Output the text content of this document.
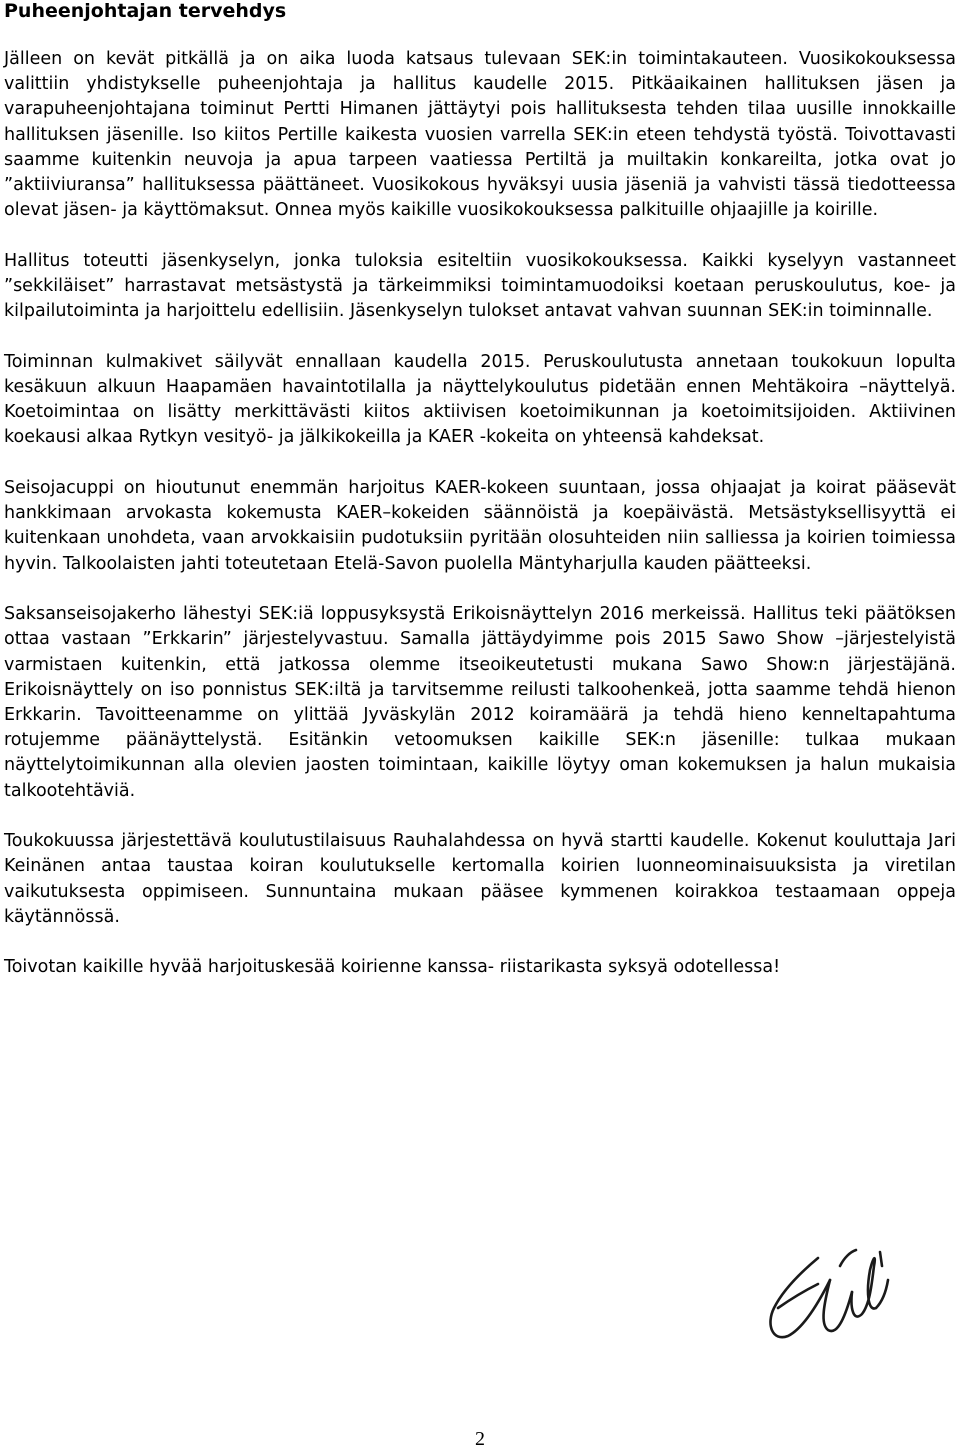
Puheenjohtajan tervehdys

Jälleen on kevät pitkällä ja on aika luoda katsaus tulevaan SEK:in toimintakauteen. Vuosikokouksessa valittiin yhdistykselle puheenjohtaja ja hallitus kaudelle 2015. Pitkäaikainen hallituksen jäsen ja varapuheenjohtajana toiminut Pertti Himanen jättäytyi pois hallituksesta tehden tilaa uusille innokkaille hallituksen jäsenille. Iso kiitos Pertille kaikesta vuosien varrella SEK:in eteen tehdystä työstä. Toivottavasti saamme kuitenkin neuvoja ja apua tarpeen vaatiessa Pertiltä ja muiltakin konkareilta, jotka ovat jo ”aktiiviuransa” hallituksessa päättäneet. Vuosikokous hyväksyi uusia jäseniä ja vahvisti tässä tiedotteessa olevat jäsen- ja käyttömaksut. Onnea myös kaikille vuosikokouksessa palkituille ohjaajille ja koirille.

Hallitus toteutti jäsenkyselyn, jonka tuloksia esiteltiin vuosikokouksessa. Kaikki kyselyyn vastanneet ”sekkiläiset” harrastavat metsästystä ja tärkeimmiksi toimintamuodoiksi koetaan peruskoulutus, koe- ja kilpailutoiminta ja harjoittelu edellisiin. Jäsenkyselyn tulokset antavat vahvan suunnan SEK:in toiminnalle.

Toiminnan kulmakivet säilyvät ennallaan kaudella 2015. Peruskoulutusta annetaan toukokuun lopulta kesäkuun alkuun Haapamäen havaintotilalla ja näyttelykoulutus pidetään ennen Mehtäkoira –näyttelyä. Koetoimintaa on lisätty merkittävästi kiitos aktiivisen koetoimikunnan ja koetoimitsijoiden. Aktiivinen koekausi alkaa Rytkyn vesityö- ja jälkikokeilla ja KAER -kokeita on yhteensä kahdeksat.

Seisojacuppi on hioutunut enemmän harjoitus KAER-kokeen suuntaan, jossa ohjaajat ja koirat pääsevät hankkimaan arvokasta kokemusta KAER–kokeiden säännöistä ja koepäivästä. Metsästyksellisyyttä ei kuitenkaan unohdeta, vaan arvokkaisiin pudotuksiin pyritään olosuhteiden niin salliessa ja koirien toimiessa hyvin. Talkoolaisten jahti toteutetaan Etelä-Savon puolella Mäntyharjulla kauden päätteeksi.

Saksanseisojakerho lähestyi SEK:iä loppusyksystä Erikoisnäyttelyn 2016 merkeissä. Hallitus teki päätöksen ottaa vastaan ”Erkkarin” järjestelyvastuu. Samalla jättäydyimme pois 2015 Sawo Show –järjestelyistä varmistaen kuitenkin, että jatkossa olemme itseoikeutetusti mukana Sawo Show:n järjestäjänä. Erikoisnäyttely on iso ponnistus SEK:iltä ja tarvitsemme reilusti talkoohenkeä, jotta saamme tehdä hienon Erkkarin. Tavoitteenamme on ylittää Jyväskylän 2012 koiramäärä ja tehdä hieno kenneltapahtuma rotujemme päänäyttelystä. Esitänkin vetoomuksen kaikille SEK:n jäsenille: tulkaa mukaan näyttelytoimikunnan alla olevien jaosten toimintaan, kaikille löytyy oman kokemuksen ja halun mukaisia talkootehtäviä.

Toukokuussa järjestettävä koulutustilaisuus Rauhalahdessa on hyvä startti kaudelle. Kokenut kouluttaja Jari Keinänen antaa taustaa koiran koulutukselle kertomalla koirien luonneominaisuuksista ja viretilan vaikutuksesta oppimiseen. Sunnuntaina mukaan pääsee kymmenen koirakkoa testaamaan oppeja käytännössä.

Toivotan kaikille hyvää harjoituskesää koirienne kanssa- riistarikasta syksyä odotellessa!

2
